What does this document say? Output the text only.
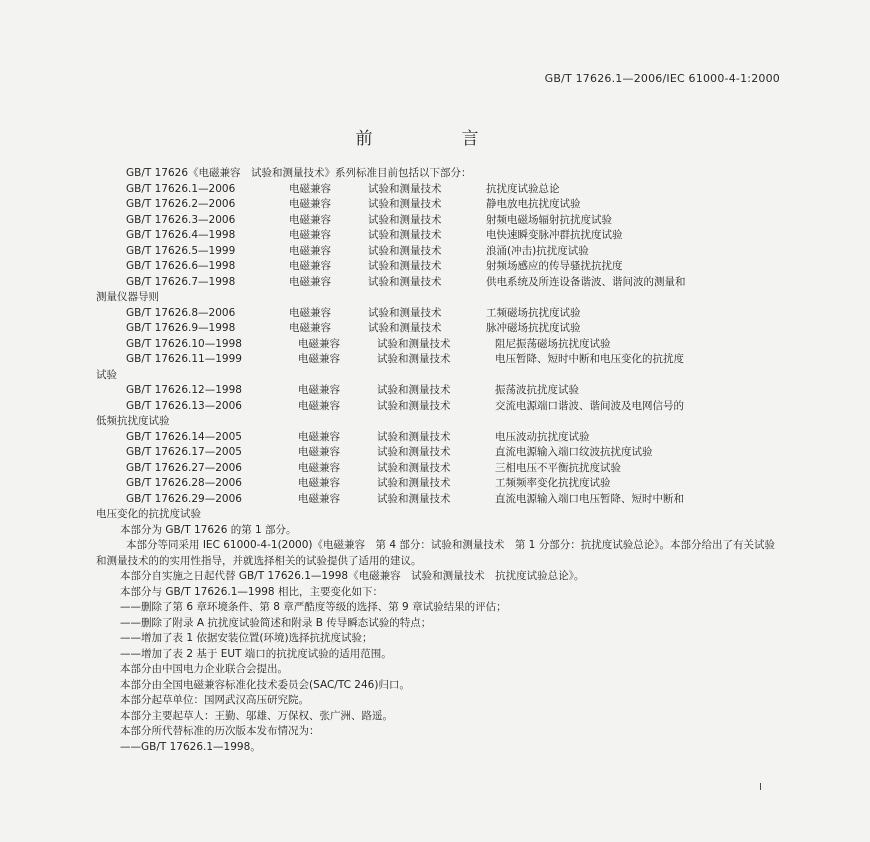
GB/T 17626.1—2006/IEC 61000-4-1:2000
前　言
GB/T 17626《电磁兼容　试验和测量技术》系列标准目前包括以下部分：
GB/T 17626.1—2006	电磁兼容	试验和测量技术	抗扰度试验总论
GB/T 17626.2—2006	电磁兼容	试验和测量技术	静电放电抗扰度试验
GB/T 17626.3—2006	电磁兼容	试验和测量技术	射频电磁场辐射抗扰度试验
GB/T 17626.4—1998	电磁兼容	试验和测量技术	电快速瞬变脉冲群抗扰度试验
GB/T 17626.5—1999	电磁兼容	试验和测量技术	浪涌(冲击)抗扰度试验
GB/T 17626.6—1998	电磁兼容	试验和测量技术	射频场感应的传导骚扰抗扰度
GB/T 17626.7—1998	电磁兼容	试验和测量技术	供电系统及所连设备谐波、谐间波的测量和
测量仪器导则
GB/T 17626.8—2006	电磁兼容	试验和测量技术	工频磁场抗扰度试验
GB/T 17626.9—1998	电磁兼容	试验和测量技术	脉冲磁场抗扰度试验
GB/T 17626.10—1998	电磁兼容	试验和测量技术	阻尼振荡磁场抗扰度试验
GB/T 17626.11—1999	电磁兼容	试验和测量技术	电压暂降、短时中断和电压变化的抗扰度
试验
GB/T 17626.12—1998	电磁兼容	试验和测量技术	振荡波抗扰度试验
GB/T 17626.13—2006	电磁兼容	试验和测量技术	交流电源端口谐波、谐间波及电网信号的
低频抗扰度试验
GB/T 17626.14—2005	电磁兼容	试验和测量技术	电压波动抗扰度试验
GB/T 17626.17—2005	电磁兼容	试验和测量技术	直流电源输入端口纹波抗扰度试验
GB/T 17626.27—2006	电磁兼容	试验和测量技术	三相电压不平衡抗扰度试验
GB/T 17626.28—2006	电磁兼容	试验和测量技术	工频频率变化抗扰度试验
GB/T 17626.29—2006	电磁兼容	试验和测量技术	直流电源输入端口电压暂降、短时中断和
电压变化的抗扰度试验
本部分为 GB/T 17626 的第 1 部分。
本部分等同采用 IEC 61000-4-1(2000)《电磁兼容　第 4 部分：试验和测量技术　第 1 分部分：抗扰度试验总论》。本部分给出了有关试验和测量技术的的实用性指导，并就选择相关的试验提供了适用的建议。
本部分自实施之日起代替 GB/T 17626.1—1998《电磁兼容　试验和测量技术　抗扰度试验总论》。
本部分与 GB/T 17626.1—1998 相比，主要变化如下：
——删除了第 6 章环境条件、第 8 章严酷度等级的选择、第 9 章试验结果的评估；
——删除了附录 A 抗扰度试验简述和附录 B 传导瞬态试验的特点；
——增加了表 1 依据安装位置(环境)选择抗扰度试验；
——增加了表 2 基于 EUT 端口的抗扰度试验的适用范围。
本部分由中国电力企业联合会提出。
本部分由全国电磁兼容标准化技术委员会(SAC/TC 246)归口。
本部分起草单位：国网武汉高压研究院。
本部分主要起草人：王勤、邬雄、万保权、张广洲、路遥。
本部分所代替标准的历次版本发布情况为：
——GB/T 17626.1—1998。
I
